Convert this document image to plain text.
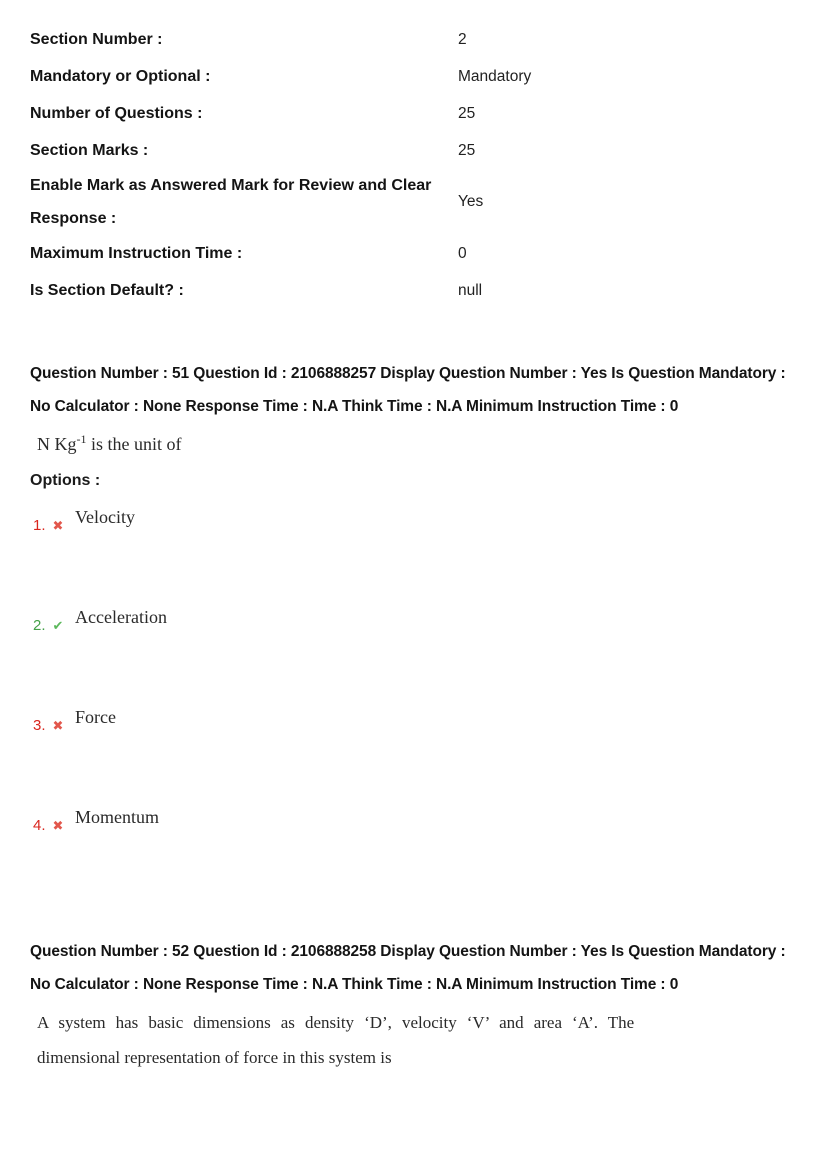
Section Number :	2
Mandatory or Optional :	Mandatory
Number of Questions :	25
Section Marks :	25
Enable Mark as Answered Mark for Review and Clear Response :
Yes
Maximum Instruction Time :	0
Is Section Default? :	null
Question Number : 51 Question Id : 2106888257 Display Question Number : Yes Is Question Mandatory : No Calculator : None Response Time : N.A Think Time : N.A Minimum Instruction Time : 0
N $Kg^{-1}$ is the unit of
Options :
1. ✖ Velocity
2. ✔ Acceleration
3. ✖ Force
4. ✖ Momentum
Question Number : 52 Question Id : 2106888258 Display Question Number : Yes Is Question Mandatory : No Calculator : None Response Time : N.A Think Time : N.A Minimum Instruction Time : 0
A system has basic dimensions as density ‘D’, velocity ‘V’ and area ‘A’. The
dimensional representation of force in this system is
